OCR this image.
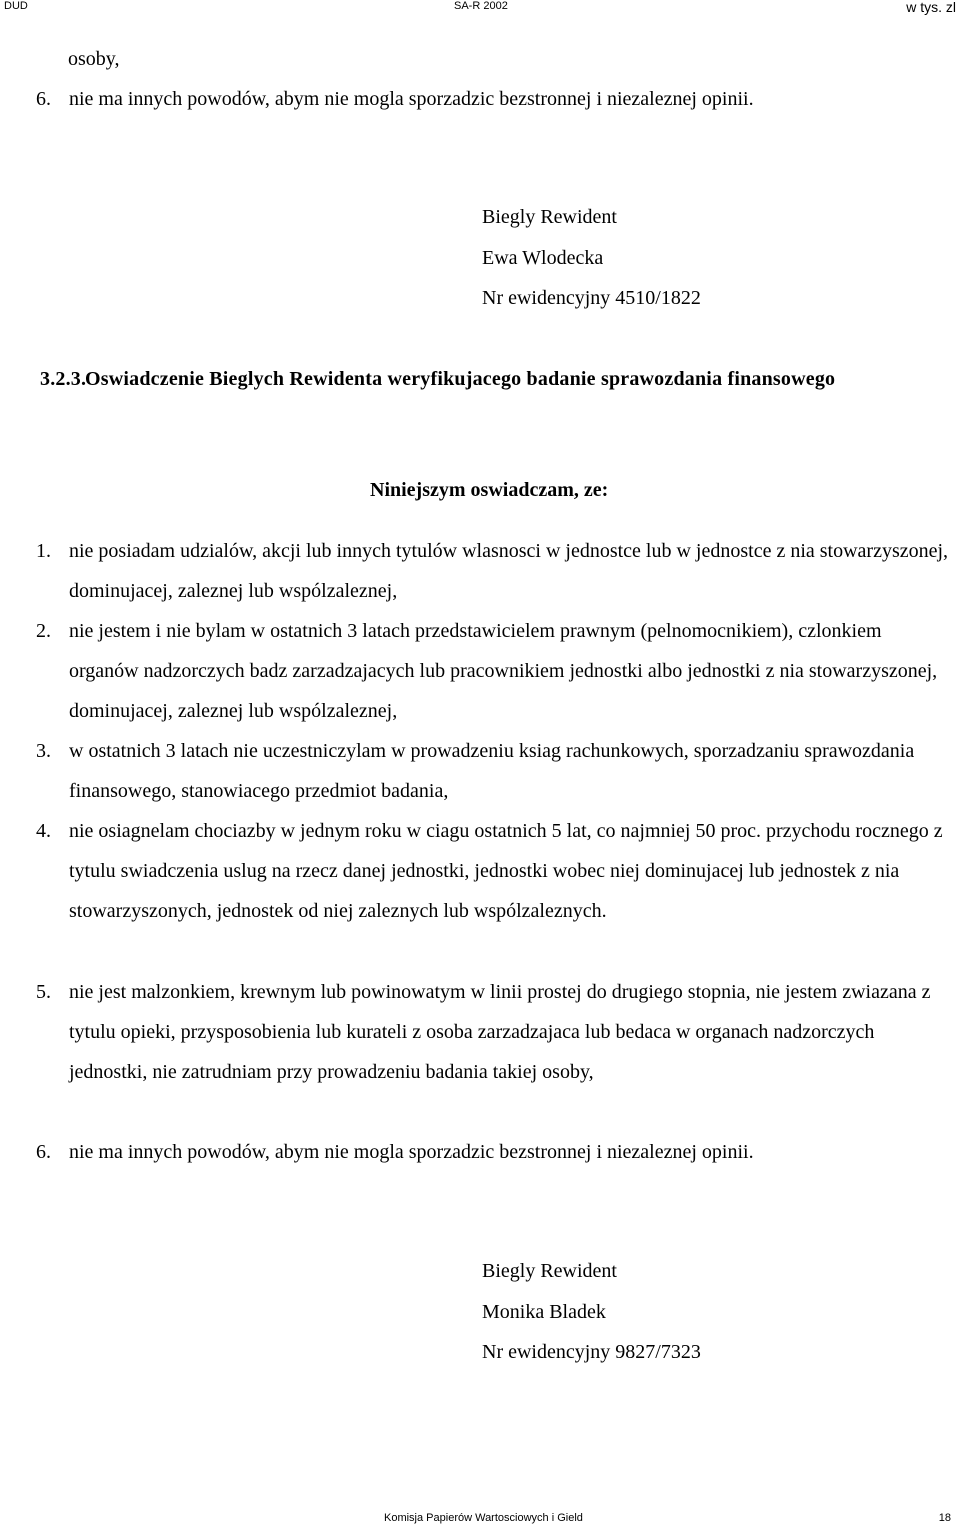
DUD	SA-R 2002	w tys. zl
osoby,
6. nie ma innych powodów, abym nie mogla sporzadzic bezstronnej i niezaleznej opinii.
Biegly Rewident
Ewa Wlodecka
Nr ewidencyjny 4510/1822
3.2.3.
Oswiadczenie Bieglych Rewidenta weryfikujacego badanie sprawozdania finansowego
Niniejszym oswiadczam, ze:
1. nie posiadam udzialów, akcji lub innych tytulów wlasnosci w jednostce lub w jednostce z nia stowarzyszonej, dominujacej, zaleznej lub wspólzaleznej,
2. nie jestem i nie bylam w ostatnich 3 latach przedstawicielem prawnym (pelnomocnikiem), czlonkiem organów nadzorczych badz zarzadzajacych lub pracownikiem jednostki albo jednostki z nia stowarzyszonej, dominujacej, zaleznej lub wspólzaleznej,
3. w ostatnich 3 latach nie uczestniczylam w prowadzeniu ksiag rachunkowych, sporzadzaniu sprawozdania finansowego, stanowiacego przedmiot badania,
4. nie osiagnelam chociazby w jednym roku w ciagu ostatnich 5 lat, co najmniej 50 proc. przychodu rocznego z tytulu swiadczenia uslug na rzecz danej jednostki, jednostki wobec niej dominujacej lub jednostek z nia stowarzyszonych, jednostek od niej zaleznych lub wspólzaleznych.
5. nie jest malzonkiem, krewnym lub powinowatym w linii prostej do drugiego stopnia, nie jestem zwiazana z tytulu opieki, przysposobienia lub kurateli z osoba zarzadzajaca lub bedaca w organach nadzorczych jednostki, nie zatrudniam przy prowadzeniu badania takiej osoby,
6. nie ma innych powodów, abym nie mogla sporzadzic bezstronnej i niezaleznej opinii.
Biegly Rewident
Monika Bladek
Nr ewidencyjny 9827/7323
Komisja Papierów Wartosciowych i Gield	18
